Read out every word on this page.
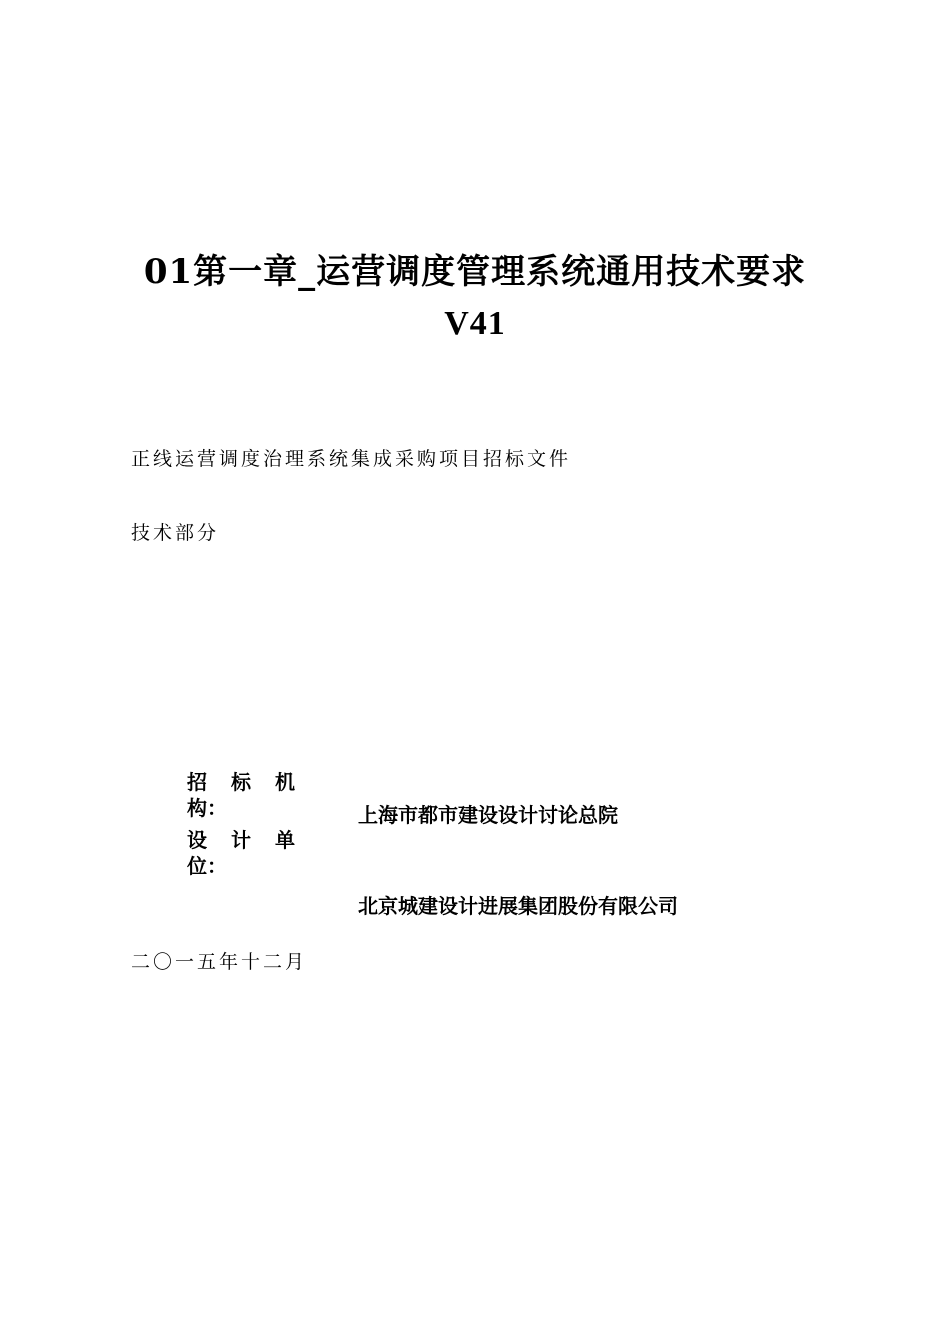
01第一章_运营调度管理系统通用技术要求
V41
正线运营调度治理系统集成采购项目招标文件
技术部分
招 标 机
构：	上海市都市建设设计讨论总院
设 计 单
位：
北京城建设计进展集团股份有限公司
二〇一五年十二月
